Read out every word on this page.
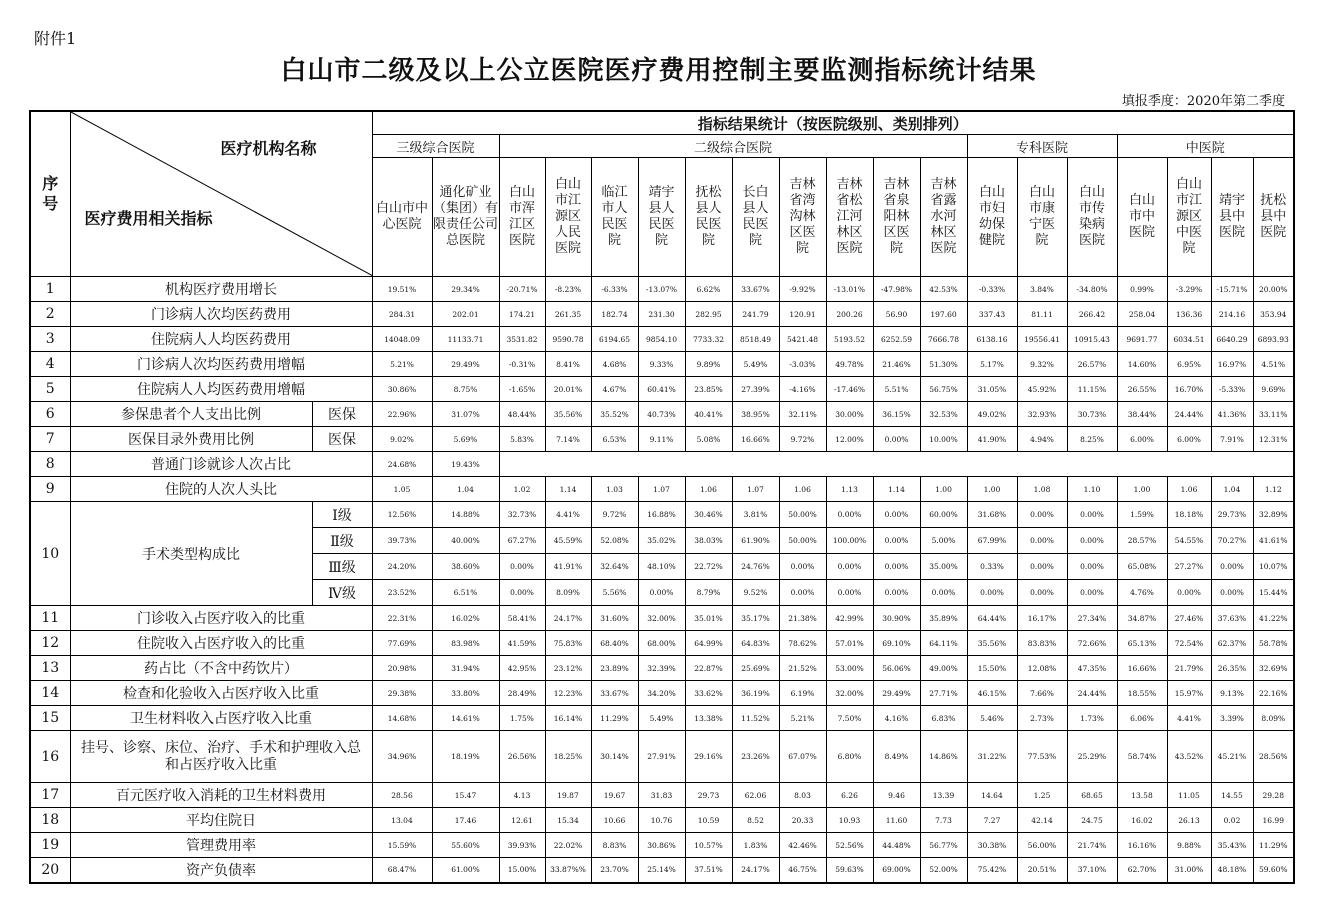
附件1
白山市二级及以上公立医院医疗费用控制主要监测指标统计结果
填报季度：2020年第二季度
序号	医疗机构名称
医疗费用相关指标		指标结果统计（按医院级别、类别排列）																		
			三级综合医院		二级综合医院										专科医院			中医院			
			白山市中心医院	通化矿业（集团）有限责任公司总医院	白山市浑江区医院	白山市江源区人民医院	临江市人民医院	靖宇县人民医院	抚松县人民医院	长白县人民医院	吉林省湾沟林区医院	吉林省松江河林区医院	吉林省泉阳林区医院	吉林省露水河林区医院	白山市妇幼保健院	白山市康宁医院	白山市传染病医院	白山市中医院	白山市江源区中医院	靖宇县中医院	抚松县中医院
1	机构医疗费用增长		19.51%	29.34%	-20.71%	-8.23%	-6.33%	-13.07%	6.62%	33.67%	-9.92%	-13.01%	-47.98%	42.53%	-0.33%	3.84%	-34.80%	0.99%	-3.29%	-15.71%	20.00%
2	门诊病人次均医药费用		284.31	202.01	174.21	261.35	182.74	231.30	282.95	241.79	120.91	200.26	56.90	197.60	337.43	81.11	266.42	258.04	136.36	214.16	353.94
3	住院病人人均医药费用		14048.09	11133.71	3531.82	9590.78	6194.65	9854.10	7733.32	8518.49	5421.48	5193.52	6252.59	7666.78	6138.16	19556.41	10915.43	9691.77	6034.51	6640.29	6893.93
4	门诊病人次均医药费用增幅		5.21%	29.49%	-0.31%	8.41%	4.68%	9.33%	9.89%	5.49%	-3.03%	49.78%	21.46%	51.30%	5.17%	9.32%	26.57%	14.60%	6.95%	16.97%	4.51%
5	住院病人人均医药费用增幅		30.86%	8.75%	-1.65%	20.01%	4.67%	60.41%	23.85%	27.39%	-4.16%	-17.46%	5.51%	56.75%	31.05%	45.92%	11.15%	26.55%	16.70%	-5.33%	9.69%
6	参保患者个人支出比例	医保	22.96%	31.07%	48.44%	35.56%	35.52%	40.73%	40.41%	38.95%	32.11%	30.00%	36.15%	32.53%	49.02%	32.93%	30.73%	38.44%	24.44%	41.36%	33.11%
7	医保目录外费用比例	医保	9.02%	5.69%	5.83%	7.14%	6.53%	9.11%	5.08%	16.66%	9.72%	12.00%	0.00%	10.00%	41.90%	4.94%	8.25%	6.00%	6.00%	7.91%	12.31%
8	普通门诊就诊人次占比		24.68%	19.43%																	
9	住院的人次人头比		1.05	1.04	1.02	1.14	1.03	1.07	1.06	1.07	1.06	1.13	1.14	1.00	1.00	1.08	1.10	1.00	1.06	1.04	1.12
10	手术类型构成比	Ⅰ级	12.56%	14.88%	32.73%	4.41%	9.72%	16.88%	30.46%	3.81%	50.00%	0.00%	0.00%	60.00%	31.68%	0.00%	0.00%	1.59%	18.18%	29.73%	32.89%
		Ⅱ级	39.73%	40.00%	67.27%	45.59%	52.08%	35.02%	38.03%	61.90%	50.00%	100.00%	0.00%	5.00%	67.99%	0.00%	0.00%	28.57%	54.55%	70.27%	41.61%
		Ⅲ级	24.20%	38.60%	0.00%	41.91%	32.64%	48.10%	22.72%	24.76%	0.00%	0.00%	0.00%	35.00%	0.33%	0.00%	0.00%	65.08%	27.27%	0.00%	10.07%
		Ⅳ级	23.52%	6.51%	0.00%	8.09%	5.56%	0.00%	8.79%	9.52%	0.00%	0.00%	0.00%	0.00%	0.00%	0.00%	0.00%	4.76%	0.00%	0.00%	15.44%
11	门诊收入占医疗收入的比重		22.31%	16.02%	58.41%	24.17%	31.60%	32.00%	35.01%	35.17%	21.38%	42.99%	30.90%	35.89%	64.44%	16.17%	27.34%	34.87%	27.46%	37.63%	41.22%
12	住院收入占医疗收入的比重		77.69%	83.98%	41.59%	75.83%	68.40%	68.00%	64.99%	64.83%	78.62%	57.01%	69.10%	64.11%	35.56%	83.83%	72.66%	65.13%	72.54%	62.37%	58.78%
13	药占比（不含中药饮片）		20.98%	31.94%	42.95%	23.12%	23.89%	32.39%	22.87%	25.69%	21.52%	53.00%	56.06%	49.00%	15.50%	12.08%	47.35%	16.66%	21.79%	26.35%	32.69%
14	检查和化验收入占医疗收入比重		29.38%	33.80%	28.49%	12.23%	33.67%	34.20%	33.62%	36.19%	6.19%	32.00%	29.49%	27.71%	46.15%	7.66%	24.44%	18.55%	15.97%	9.13%	22.16%
15	卫生材料收入占医疗收入比重		14.68%	14.61%	1.75%	16.14%	11.29%	5.49%	13.38%	11.52%	5.21%	7.50%	4.16%	6.83%	5.46%	2.73%	1.73%	6.06%	4.41%	3.39%	8.09%
16	挂号、诊察、床位、治疗、手术和护理收入总和占医疗收入比重		34.96%	18.19%	26.56%	18.25%	30.14%	27.91%	29.16%	23.26%	67.07%	6.80%	8.49%	14.86%	31.22%	77.53%	25.29%	58.74%	43.52%	45.21%	28.56%
17	百元医疗收入消耗的卫生材料费用		28.56	15.47	4.13	19.87	19.67	31.83	29.73	62.06	8.03	6.26	9.46	13.39	14.64	1.25	68.65	13.58	11.05	14.55	29.28
18	平均住院日		13.04	17.46	12.61	15.34	10.66	10.76	10.59	8.52	20.33	10.93	11.60	7.73	7.27	42.14	24.75	16.02	26.13	0.02	16.99
19	管理费用率		15.59%	55.60%	39.93%	22.02%	8.83%	30.86%	10.57%	1.83%	42.46%	52.56%	44.48%	56.77%	30.38%	56.00%	21.74%	16.16%	9.88%	35.43%	11.29%
20	资产负债率		68.47%	61.00%	15.00%	33.87%%	23.70%	25.14%	37.51%	24.17%	46.75%	59.63%	69.00%	52.00%	75.42%	20.51%	37.10%	62.70%	31.00%	48.18%	59.60%
